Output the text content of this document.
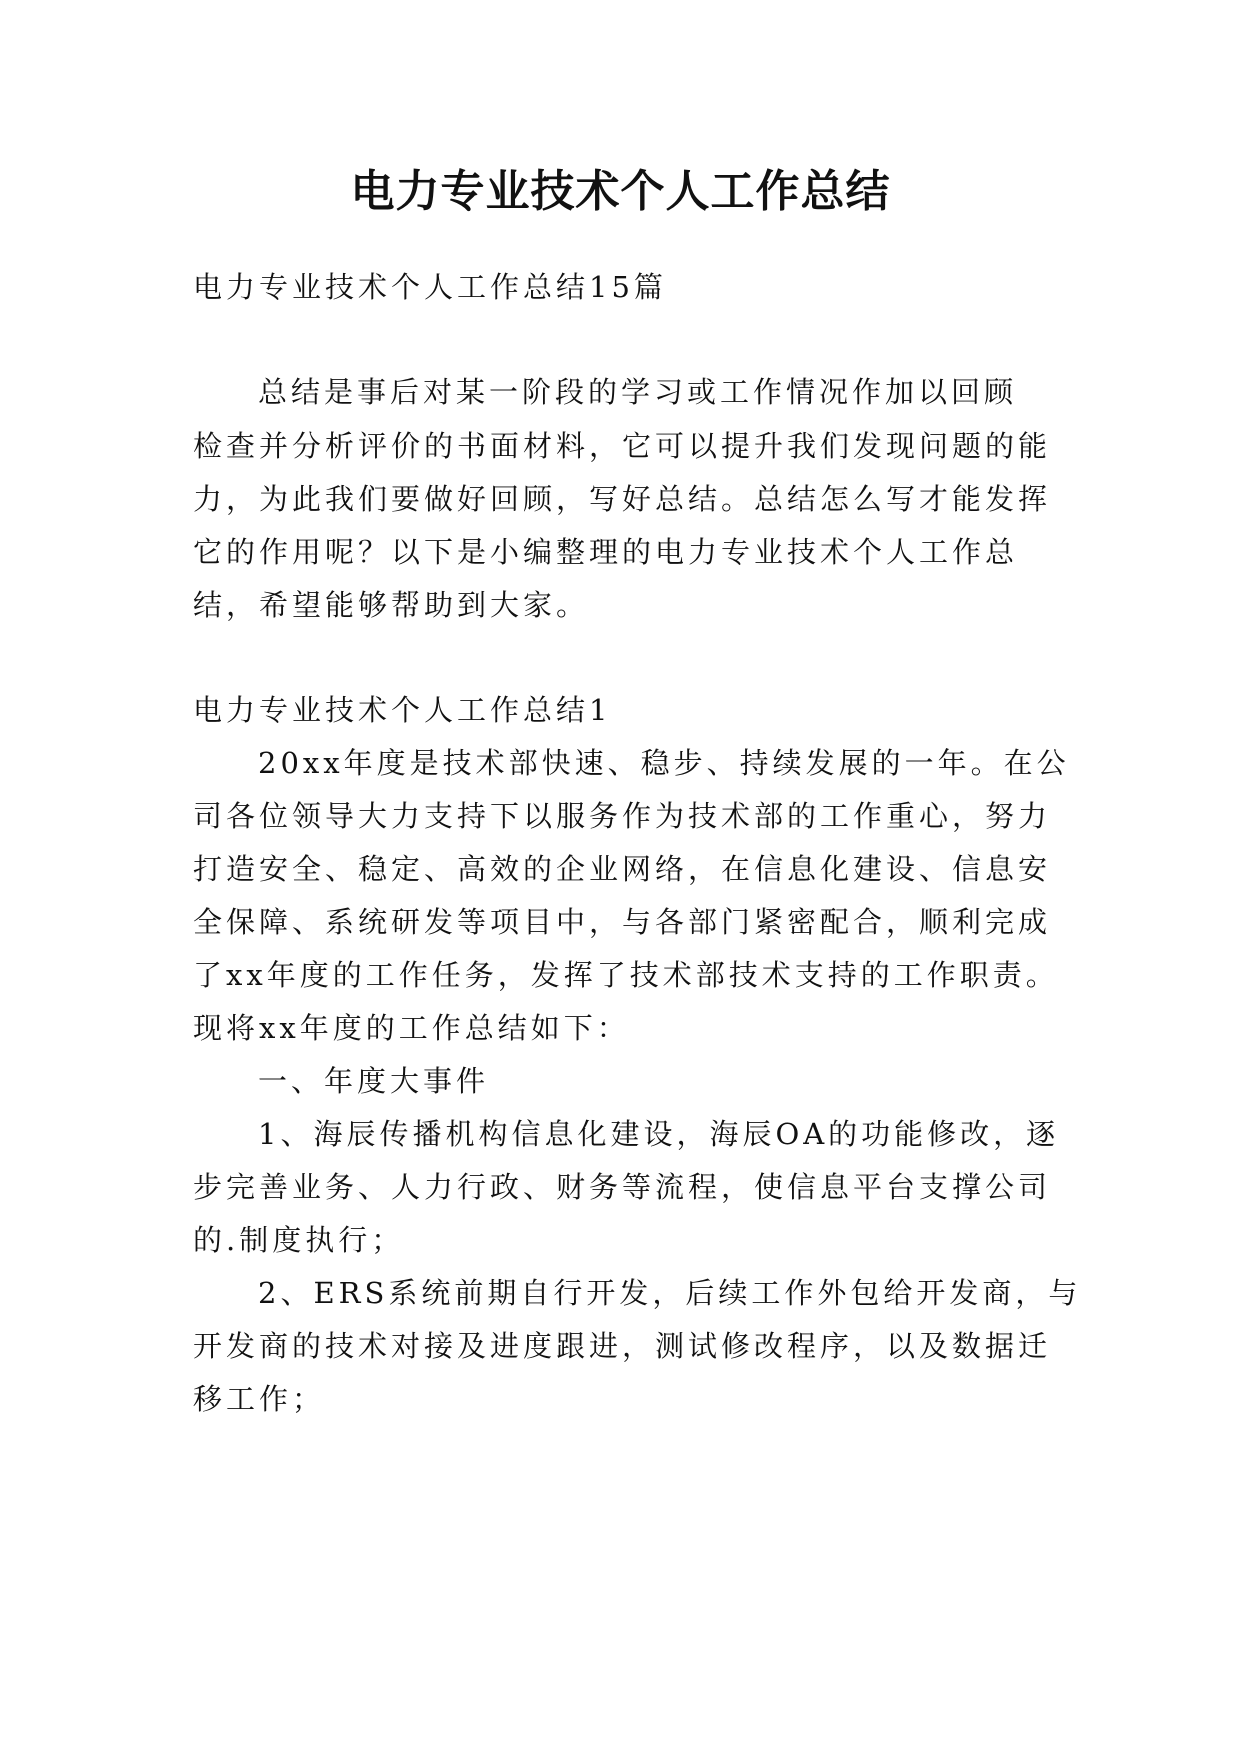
电力专业技术个人工作总结

电力专业技术个人工作总结15篇

总结是事后对某一阶段的学习或工作情况作加以回顾

检查并分析评价的书面材料，它可以提升我们发现问题的能

力，为此我们要做好回顾，写好总结。总结怎么写才能发挥

它的作用呢？以下是小编整理的电力专业技术个人工作总

结，希望能够帮助到大家。

电力专业技术个人工作总结1

20xx年度是技术部快速、稳步、持续发展的一年。在公

司各位领导大力支持下以服务作为技术部的工作重心，努力

打造安全、稳定、高效的企业网络，在信息化建设、信息安

全保障、系统研发等项目中，与各部门紧密配合，顺利完成

了xx年度的工作任务，发挥了技术部技术支持的工作职责。

现将xx年度的工作总结如下：

一、年度大事件

1、海辰传播机构信息化建设，海辰OA的功能修改，逐

步完善业务、人力行政、财务等流程，使信息平台支撑公司

的.制度执行；

2、ERS系统前期自行开发，后续工作外包给开发商，与

开发商的技术对接及进度跟进，测试修改程序，以及数据迁

移工作；
